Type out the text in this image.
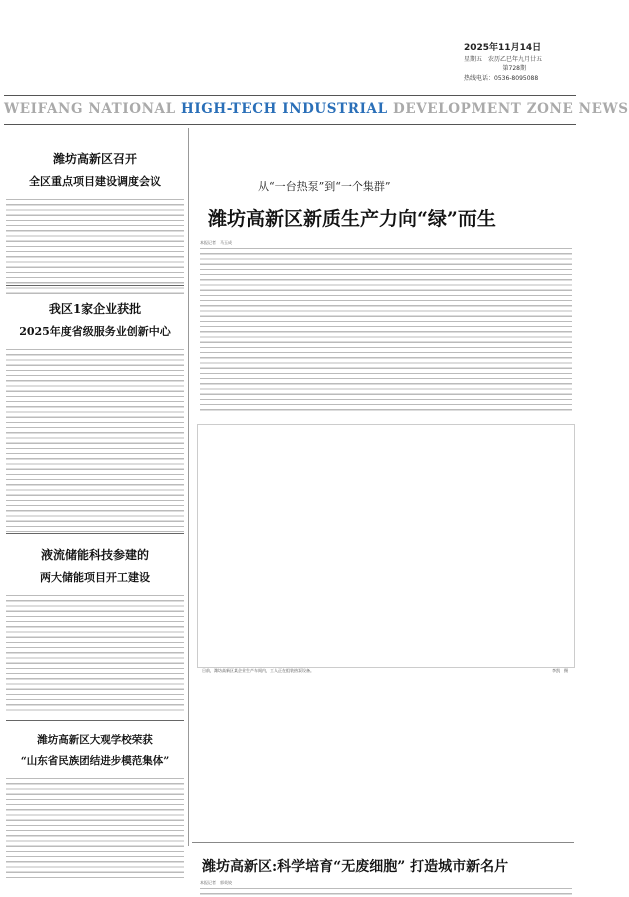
2025年11月14日
星期五 农历乙巳年九月廿五
第728期
热线电话：0536-8095088
WEIFANG NATIONAL HIGH-TECH INDUSTRIAL DEVELOPMENT ZONE NEWS
潍坊高新区召开
全区重点项目建设调度会议
我区1家企业获批
2025年度省级服务业创新中心
液流储能科技参建的
两大储能项目开工建设
潍坊高新区大观学校荣获
“山东省民族团结进步模范集体”
从“一台热泵”到“一个集群”
潍坊高新区新质生产力向“绿”而生
本报记者　马玉成
日前，潍坊高新区某企业生产车间内，工人正在组装热泵设备。	李凯　摄
潍坊高新区:科学培育“无废细胞” 打造城市新名片
本报记者　郭英姣
